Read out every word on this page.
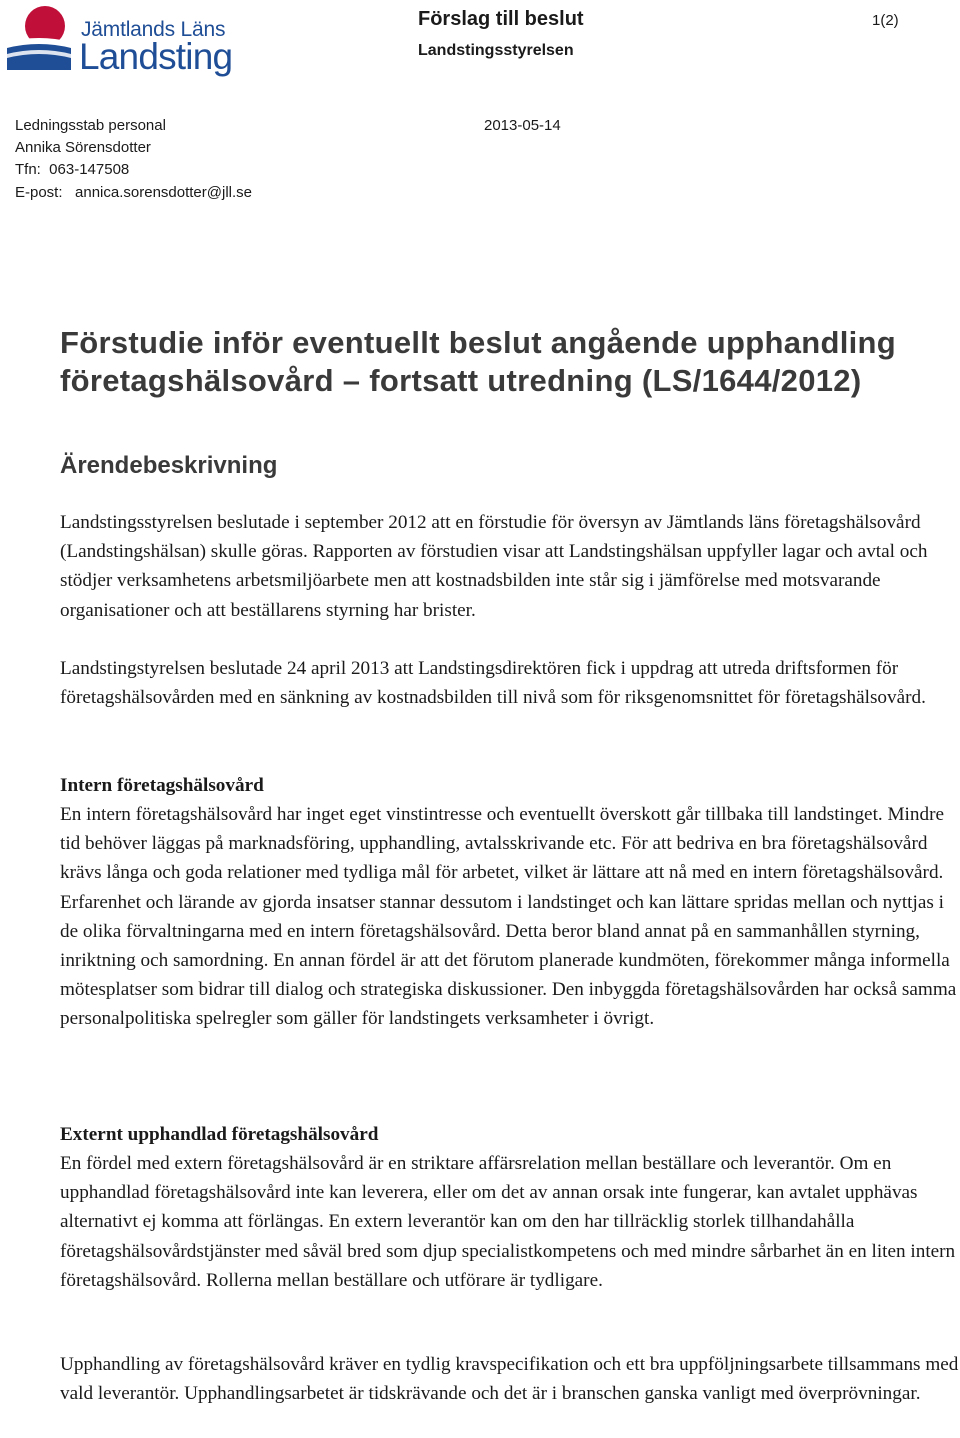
Jämtlands Läns
Landsting
Förslag till beslut
Landstingsstyrelsen
1(2)
Ledningsstab personal
Annika Sörensdotter
Tfn:  063-147508
E-post:   annica.sorensdotter@jll.se
2013-05-14
Förstudie inför eventuellt beslut angående upphandling
företagshälsovård – fortsatt utredning (LS/1644/2012)
Ärendebeskrivning

Landstingsstyrelsen beslutade i september 2012 att en förstudie för översyn av Jämtlands läns företagshälsovård (Landstingshälsan) skulle göras. Rapporten av förstudien visar att Landstingshälsan uppfyller lagar och avtal och stödjer verksamhetens arbetsmiljöarbete men att kostnadsbilden inte står sig i jämförelse med motsvarande organisationer och att beställarens styrning har brister.

Landstingstyrelsen beslutade 24 april 2013 att Landstingsdirektören fick i uppdrag att utreda driftsformen för företagshälsovården med en sänkning av kostnadsbilden till nivå som för riksgenomsnittet för företagshälsovård.

Intern företagshälsovård

En intern företagshälsovård har inget eget vinstintresse och eventuellt överskott går tillbaka till landstinget. Mindre tid behöver läggas på marknadsföring, upphandling, avtalsskrivande etc. För att bedriva en bra företagshälsovård krävs långa och goda relationer med tydliga mål för arbetet, vilket är lättare att nå med en intern företagshälsovård. Erfarenhet och lärande av gjorda insatser stannar dessutom i landstinget och kan lättare spridas mellan och nyttjas i de olika förvaltningarna med en intern företagshälsovård. Detta beror bland annat på en sammanhållen styrning, inriktning och samordning. En annan fördel är att det förutom planerade kundmöten, förekommer många informella mötesplatser som bidrar till dialog och strategiska diskussioner. Den inbyggda företagshälsovården har också samma personalpolitiska spelregler som gäller för landstingets verksamheter i övrigt.

Externt upphandlad företagshälsovård

En fördel med extern företagshälsovård är en striktare affärsrelation mellan beställare och leverantör. Om en upphandlad företagshälsovård inte kan leverera, eller om det av annan orsak inte fungerar, kan avtalet upphävas alternativt ej komma att förlängas. En extern leverantör kan om den har tillräcklig storlek tillhandahålla företagshälsovårdstjänster med såväl bred som djup specialistkompetens och med mindre sårbarhet än en liten intern företagshälsovård. Rollerna mellan beställare och utförare är tydligare.

Upphandling av företagshälsovård kräver en tydlig kravspecifikation och ett bra uppföljningsarbete tillsammans med vald leverantör. Upphandlingsarbetet är tidskrävande och det är i branschen ganska vanligt med överprövningar.
